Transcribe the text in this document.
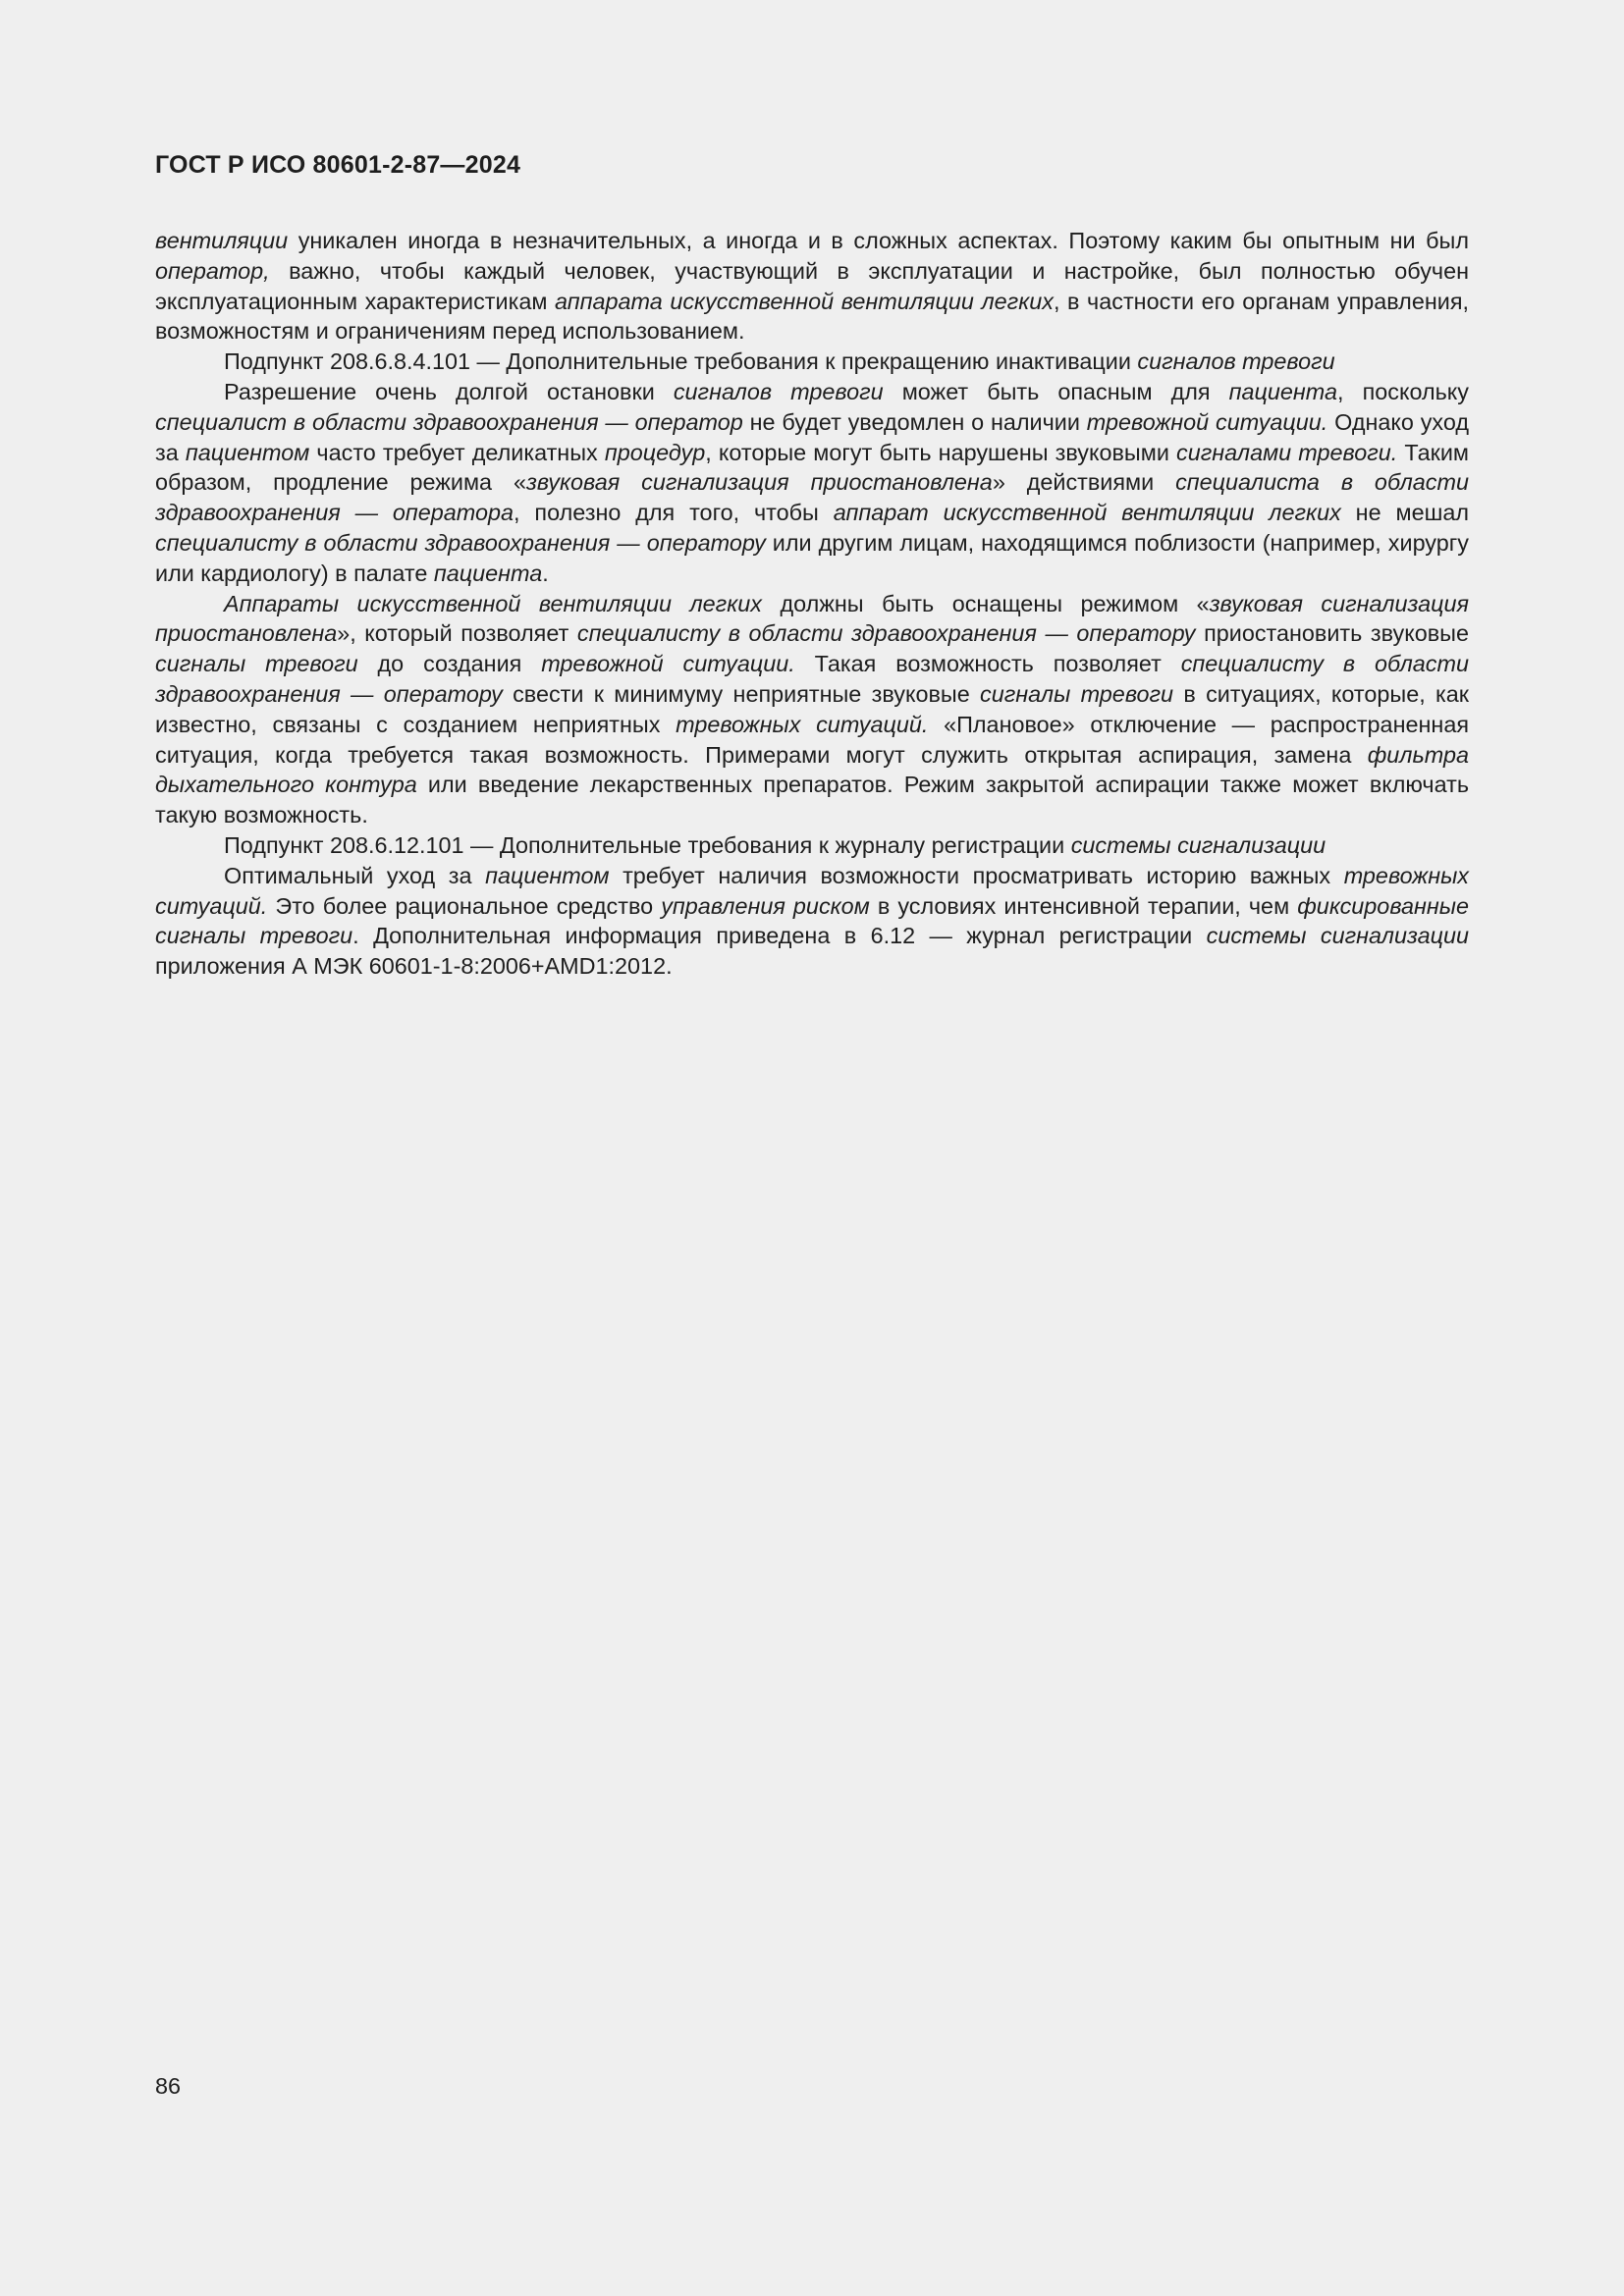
ГОСТ Р ИСО 80601-2-87—2024

вентиляции уникален иногда в незначительных, а иногда и в сложных аспектах. Поэтому каким бы опытным ни был оператор, важно, чтобы каждый человек, участвующий в эксплуатации и настройке, был полностью обучен эксплуатационным характеристикам аппарата искусственной вентиляции легких, в частности его органам управления, возможностям и ограничениям перед использованием.

Подпункт 208.6.8.4.101 — Дополнительные требования к прекращению инактивации сигналов тревоги

Разрешение очень долгой остановки сигналов тревоги может быть опасным для пациента, поскольку специалист в области здравоохранения — оператор не будет уведомлен о наличии тревожной ситуации. Однако уход за пациентом часто требует деликатных процедур, которые могут быть нарушены звуковыми сигналами тревоги. Таким образом, продление режима «звуковая сигнализация приостановлена» действиями специалиста в области здравоохранения — оператора, полезно для того, чтобы аппарат искусственной вентиляции легких не мешал специалисту в области здравоохранения — оператору или другим лицам, находящимся поблизости (например, хирургу или кардиологу) в палате пациента.

Аппараты искусственной вентиляции легких должны быть оснащены режимом «звуковая сигнализация приостановлена», который позволяет специалисту в области здравоохранения — оператору приостановить звуковые сигналы тревоги до создания тревожной ситуации. Такая возможность позволяет специалисту в области здравоохранения — оператору свести к минимуму неприятные звуковые сигналы тревоги в ситуациях, которые, как известно, связаны с созданием неприятных тревожных ситуаций. «Плановое» отключение — распространенная ситуация, когда требуется такая возможность. Примерами могут служить открытая аспирация, замена фильтра дыхательного контура или введение лекарственных препаратов. Режим закрытой аспирации также может включать такую возможность.

Подпункт 208.6.12.101 — Дополнительные требования к журналу регистрации системы сигнализации

Оптимальный уход за пациентом требует наличия возможности просматривать историю важных тревожных ситуаций. Это более рациональное средство управления риском в условиях интенсивной терапии, чем фиксированные сигналы тревоги. Дополнительная информация приведена в 6.12 — журнал регистрации системы сигнализации приложения А МЭК 60601-1-8:2006+AMD1:2012.

86
